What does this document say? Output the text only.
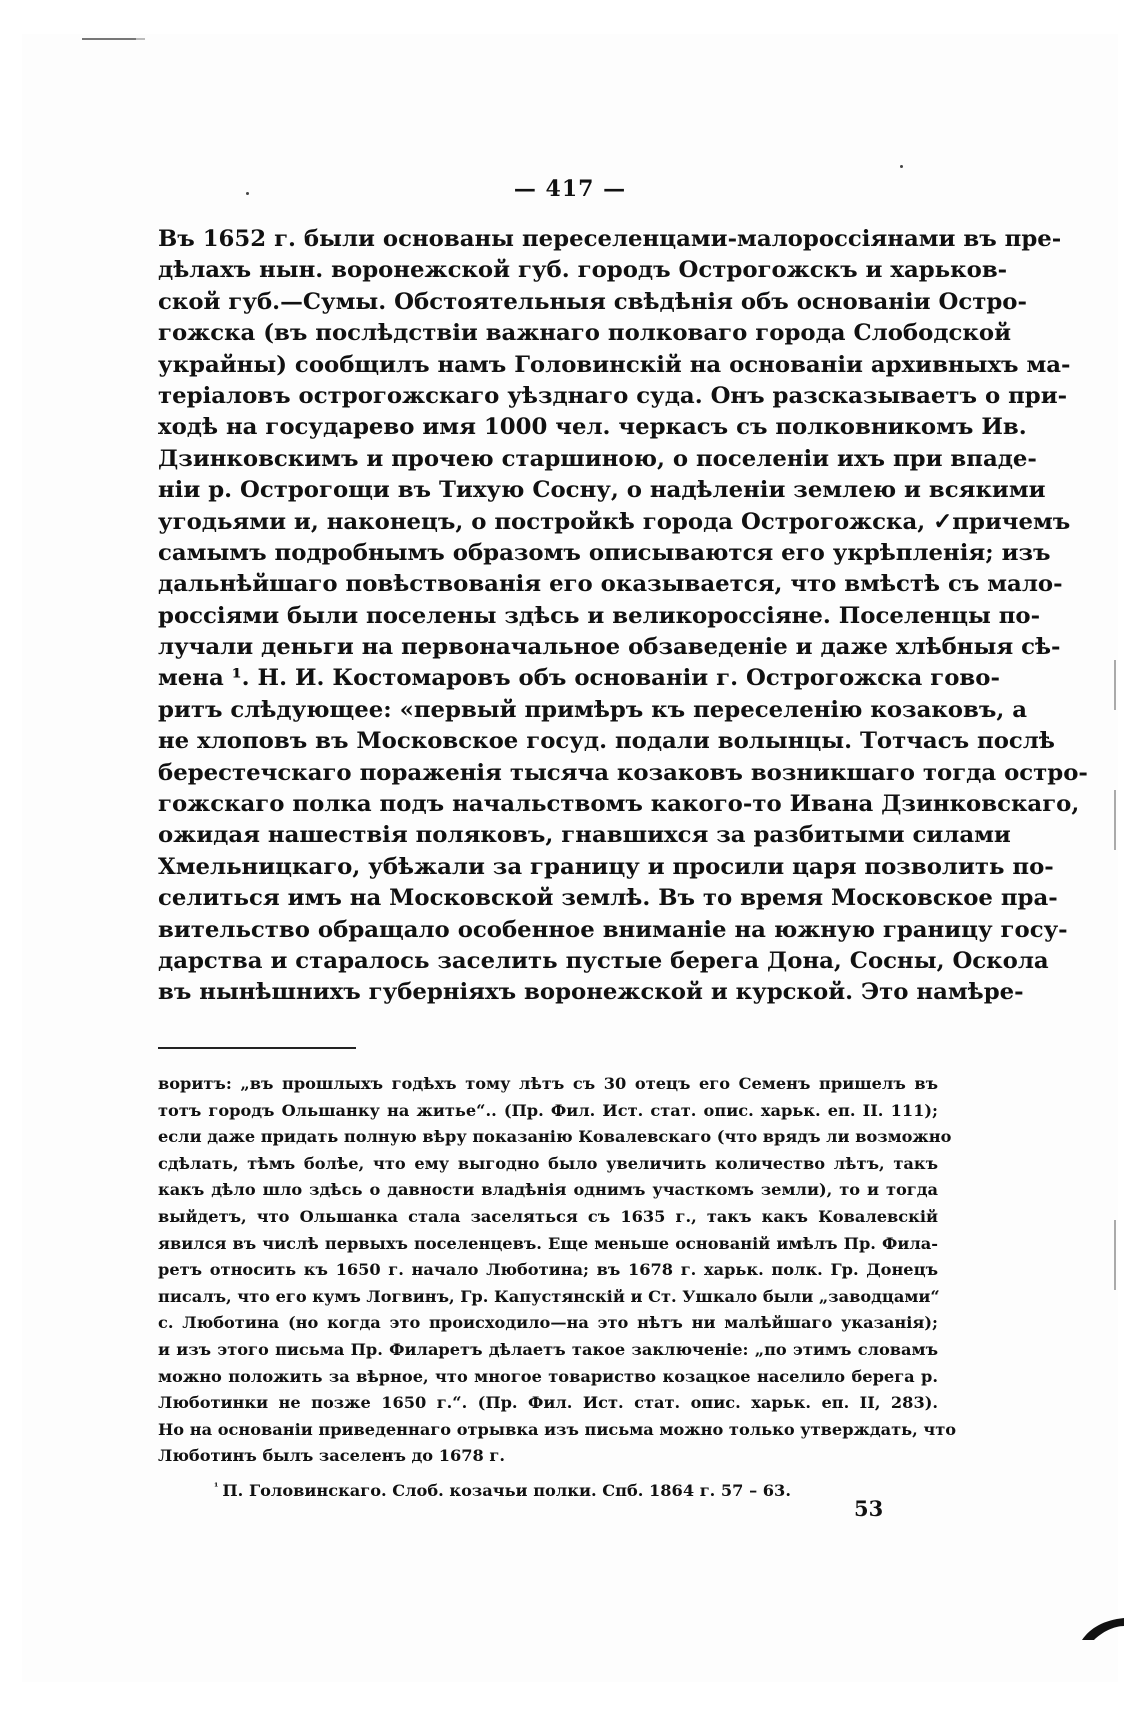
— 417 —
Въ 1652 г. были основаны переселенцами-малороссіянами въ пре-
дѣлахъ нын. воронежской губ. городъ Острогожскъ и харьков-
ской губ.—Сумы. Обстоятельныя свѣдѣнія объ основаніи Остро-
гожска (въ послѣдствіи важнаго полковаго города Слободской
украйны) сообщилъ намъ Головинскій на основаніи архивныхъ ма-
теріаловъ острогожскаго уѣзднаго суда. Онъ разсказываетъ о при-
ходѣ на государево имя 1000 чел. черкасъ съ полковникомъ Ив.
Дзинковскимъ и прочею старшиною, о поселеніи ихъ при впаде-
ніи р. Острогощи въ Тихую Сосну, о надѣленіи землею и всякими
угодьями и, наконецъ, о постройкѣ города Острогожска, ✓причемъ
самымъ подробнымъ образомъ описываются его укрѣпленія; изъ
дальнѣйшаго повѣствованія его оказывается, что вмѣстѣ съ мало-
россіями были поселены здѣсь и великороссіяне. Поселенцы по-
лучали деньги на первоначальное обзаведеніе и даже хлѣбныя сѣ-
мена ¹. Н. И. Костомаровъ объ основаніи г. Острогожска гово-
ритъ слѣдующее: «первый примѣръ къ переселенію козаковъ, а
не хлоповъ въ Московское госуд. подали волынцы. Тотчасъ послѣ
берестечскаго пораженія тысяча козаковъ возникшаго тогда остро-
гожскаго полка подъ начальствомъ какого-то Ивана Дзинковскаго,
ожидая нашествія поляковъ, гнавшихся за разбитыми силами
Хмельницкаго, убѣжали за границу и просили царя позволить по-
селиться имъ на Московской землѣ. Въ то время Московское пра-
вительство обращало особенное вниманіе на южную границу госу-
дарства и старалось заселить пустые берега Дона, Сосны, Оскола
въ нынѣшнихъ губерніяхъ воронежской и курской. Это намѣре-
воритъ: „въ прошлыхъ годѣхъ тому лѣтъ съ 30 отецъ его Семенъ пришелъ въ
тотъ городъ Ольшанку на житье“.. (Пр. Фил. Ист. стат. опис. харьк. еп. II. 111);
если даже придать полную вѣру показанію Ковалевскаго (что врядъ ли возможно
сдѣлать, тѣмъ болѣе, что ему выгодно было увеличить количество лѣтъ, такъ
какъ дѣло шло здѣсь о давности владѣнія однимъ участкомъ земли), то и тогда
выйдетъ, что Ольшанка стала заселяться съ 1635 г., такъ какъ Ковалевскій
явился въ числѣ первыхъ поселенцевъ. Еще меньше основаній имѣлъ Пр. Фила-
ретъ относить къ 1650 г. начало Люботина; въ 1678 г. харьк. полк. Гр. Донецъ
писалъ, что его кумъ Логвинъ, Гр. Капустянскій и Ст. Ушкало были „заводцами“
с. Люботина (но когда это происходило—на это нѣтъ ни малѣйшаго указанія);
и изъ этого письма Пр. Филаретъ дѣлаетъ такое заключеніе: „по этимъ словамъ
можно положить за вѣрное, что многое товариство козацкое населило берега р.
Люботинки не позже 1650 г.“. (Пр. Фил. Ист. стат. опис. харьк. еп. II, 283).
Но на основаніи приведеннаго отрывка изъ письма можно только утверждать, что
Люботинъ былъ заселенъ до 1678 г.
$^{^1}$ П. Головинскаго. Слоб. козачьи полки. Спб. 1864 г. 57 – 63.
53
